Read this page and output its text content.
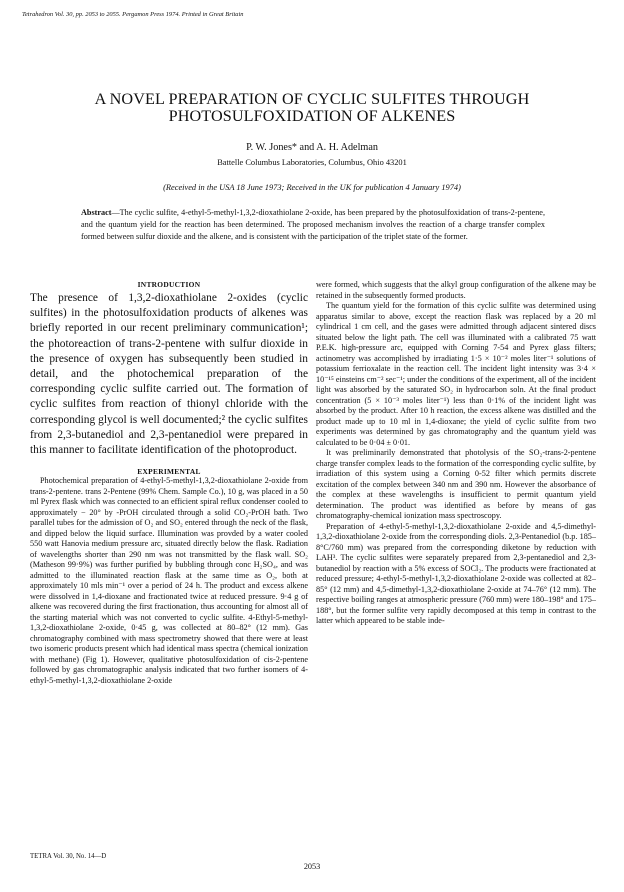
Tetrahedron Vol. 30, pp. 2053 to 2055. Pergamon Press 1974. Printed in Great Britain
A NOVEL PREPARATION OF CYCLIC SULFITES THROUGH
PHOTOSULFOXIDATION OF ALKENES
P. W. Jones* and A. H. Adelman
Battelle Columbus Laboratories, Columbus, Ohio 43201
(Received in the USA 18 June 1973; Received in the UK for publication 4 January 1974)
Abstract—The cyclic sulfite, 4-ethyl-5-methyl-1,3,2-dioxathiolane 2-oxide, has been prepared by the photosulfoxidation of trans-2-pentene, and the quantum yield for the reaction has been determined. The proposed mechanism involves the reaction of a charge transfer complex formed between sulfur dioxide and the alkene, and is consistent with the participation of the triplet state of the former.

INTRODUCTION

The presence of 1,3,2-dioxathiolane 2-oxides (cyclic sulfites) in the photosulfoxidation products of alkenes was briefly reported in our recent preliminary communication¹; the photoreaction of trans-2-pentene with sulfur dioxide in the presence of oxygen has subsequently been studied in detail, and the photochemical preparation of the corresponding cyclic sulfite carried out. The formation of cyclic sulfites from reaction of thionyl chloride with the corresponding glycol is well documented;² the cyclic sulfites from 2,3-butanediol and 2,3-pentanediol were prepared in this manner to facilitate identification of the photoproduct.

EXPERIMENTAL

Photochemical preparation of 4-ethyl-5-methyl-1,3,2-dioxathiolane 2-oxide from trans-2-pentene. trans 2-Pentene (99% Chem. Sample Co.), 10 g, was placed in a 50 ml Pyrex flask which was connected to an efficient spiral reflux condenser cooled to approximately − 20° by -PrOH circulated through a solid CO₂-PrOH bath. Two parallel tubes for the admission of O₂ and SO₂ entered through the neck of the flask, and dipped below the liquid surface. Illumination was provded by a water cooled 550 watt Hanovia medium pressure arc, situated directly below the flask. Radiation of wavelengths shorter than 290 nm was not transmitted by the flask wall. SO₂ (Matheson 99·9%) was further purified by bubbling through conc H₂SO₄, and was admitted to the illuminated reaction flask at the same time as O₂, both at approximately 10 mls min⁻¹ over a period of 24 h. The product and excess alkene were dissolved in 1,4-dioxane and fractionated twice at reduced pressure. 9·4 g of alkene was recovered during the first fractionation, thus accounting for almost all of the starting material which was not converted to cyclic sulfite. 4-Ethyl-5-methyl-1,3,2-dioxathiolane 2-oxide, 0·45 g, was collected at 80–82° (12 mm). Gas chromatography combined with mass spectrometry showed that there were at least two isomeric products present which had identical mass spectra (chemical ionization with methane) (Fig 1). However, qualitative photosulfoxidation of cis-2-pentene followed by gas chromatographic analysis indicated that two further isomers of 4-ethyl-5-methyl-1,3,2-dioxathiolane 2-oxide

were formed, which suggests that the alkyl group configuration of the alkene may be retained in the subsequently formed products.

The quantum yield for the formation of this cyclic sulfite was determined using apparatus similar to above, except the reaction flask was replaced by a 20 ml cylindrical 1 cm cell, and the gases were admitted through adjacent sintered discs situated below the light path. The cell was illuminated with a calibrated 75 watt P.E.K. high-pressure arc, equipped with Corning 7-54 and Pyrex glass filters; actinometry was accomplished by irradiating 1·5 × 10⁻² moles liter⁻¹ solutions of potassium ferrioxalate in the reaction cell. The incident light intensity was 3·4 × 10⁻¹⁵ einsteins cm⁻² sec⁻¹; under the conditions of the experiment, all of the incident light was absorbed by the saturated SO₂ in hydrocarbon soln. At the final product concentration (5 × 10⁻³ moles liter⁻¹) less than 0·1% of the incident light was absorbed by the product. After 10 h reaction, the excess alkene was distilled and the product made up to 10 ml in 1,4-dioxane; the yield of cyclic sulfite from two experiments was determined by gas chromatography and the quantum yield was calculated to be 0·04 ± 0·01.

It was preliminarily demonstrated that photolysis of the SO₂-trans-2-pentene charge transfer complex leads to the formation of the corresponding cyclic sulfite, by irradiation of this system using a Corning 0-52 filter which permits discrete excitation of the complex between 340 nm and 390 nm. However the absorbance of the complex at these wavelengths is insufficient to permit quantum yield determination. The product was identified as before by means of gas chromatography-chemical ionization mass spectroscopy.

Preparation of 4-ethyl-5-methyl-1,3,2-dioxathiolane 2-oxide and 4,5-dimethyl-1,3,2-dioxathiolane 2-oxide from the corresponding diols. 2,3-Pentanediol (b.p. 185–8°C/760 mm) was prepared from the corresponding diketone by reduction with LAH³. The cyclic sulfites were separately prepared from 2,3-pentanediol and 2,3-butanediol by reaction with a 5% excess of SOCl₂. The products were fractionated at reduced pressure; 4-ethyl-5-methyl-1,3,2-dioxathiolane 2-oxide was collected at 82–85° (12 mm) and 4,5-dimethyl-1,3,2-dioxathiolane 2-oxide at 74–76° (12 mm). The respective boiling ranges at atmospheric pressure (760 mm) were 180–198° and 175–188°, but the former sulfite very rapidly decomposed at this temp in contrast to the latter which appeared to be stable inde-

TETRA Vol. 30, No. 14—D
2053
